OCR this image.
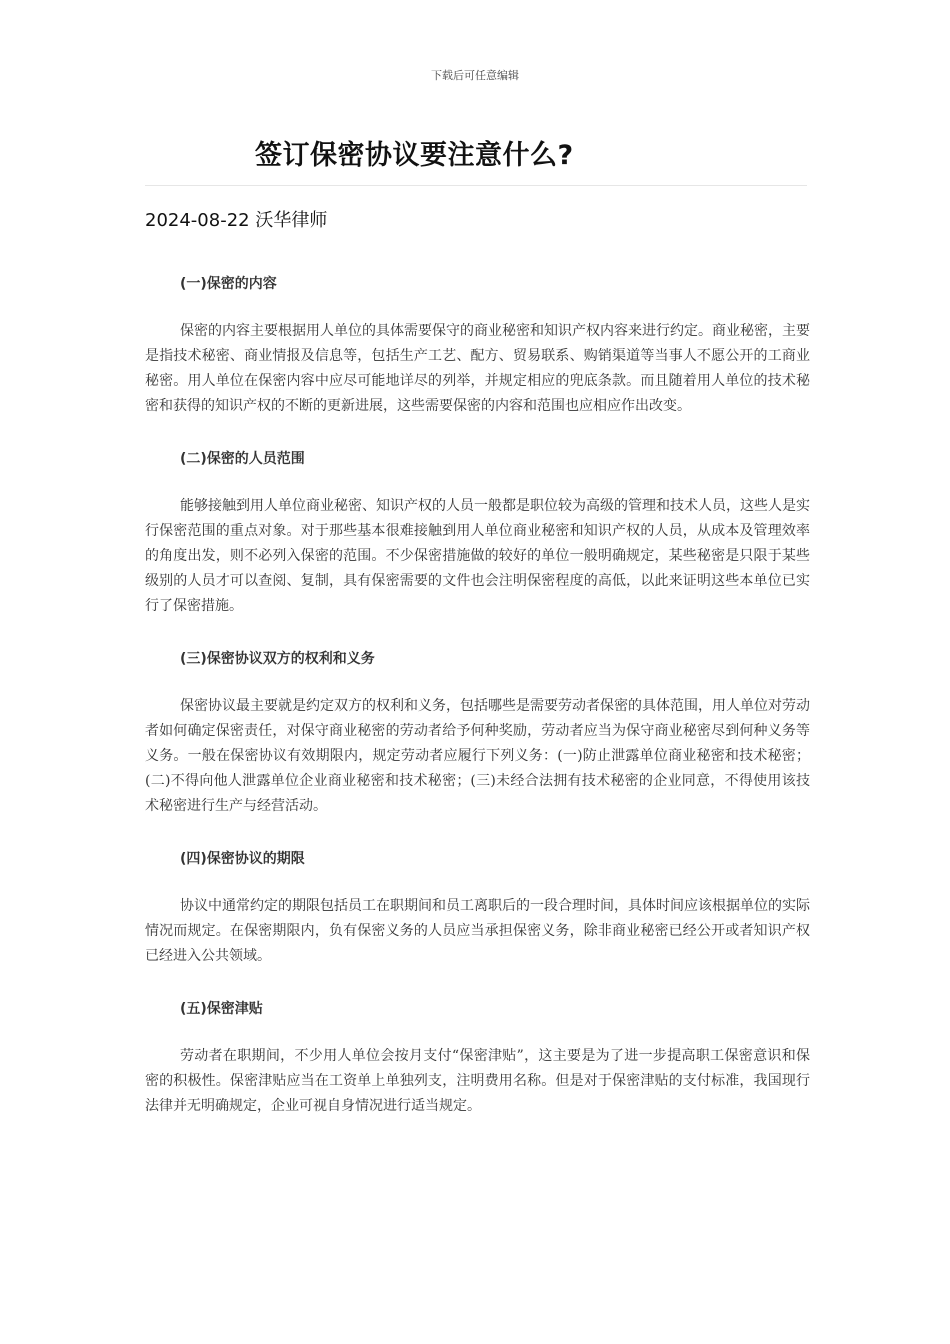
下载后可任意编辑
签订保密协议要注意什么?
2024-08-22 沃华律师

(一)保密的内容

保密的内容主要根据用人单位的具体需要保守的商业秘密和知识产权内容来进行约定。商业秘密，主要是指技术秘密、商业情报及信息等，包括生产工艺、配方、贸易联系、购销渠道等当事人不愿公开的工商业秘密。用人单位在保密内容中应尽可能地详尽的列举，并规定相应的兜底条款。而且随着用人单位的技术秘密和获得的知识产权的不断的更新进展，这些需要保密的内容和范围也应相应作出改变。

(二)保密的人员范围

能够接触到用人单位商业秘密、知识产权的人员一般都是职位较为高级的管理和技术人员，这些人是实行保密范围的重点对象。对于那些基本很难接触到用人单位商业秘密和知识产权的人员，从成本及管理效率的角度出发，则不必列入保密的范围。不少保密措施做的较好的单位一般明确规定，某些秘密是只限于某些级别的人员才可以查阅、复制，具有保密需要的文件也会注明保密程度的高低，以此来证明这些本单位已实行了保密措施。

(三)保密协议双方的权利和义务

保密协议最主要就是约定双方的权利和义务，包括哪些是需要劳动者保密的具体范围，用人单位对劳动者如何确定保密责任，对保守商业秘密的劳动者给予何种奖励，劳动者应当为保守商业秘密尽到何种义务等义务。一般在保密协议有效期限内，规定劳动者应履行下列义务：(一)防止泄露单位商业秘密和技术秘密；(二)不得向他人泄露单位企业商业秘密和技术秘密；(三)未经合法拥有技术秘密的企业同意，不得使用该技术秘密进行生产与经营活动。

(四)保密协议的期限

协议中通常约定的期限包括员工在职期间和员工离职后的一段合理时间，具体时间应该根据单位的实际情况而规定。在保密期限内，负有保密义务的人员应当承担保密义务，除非商业秘密已经公开或者知识产权已经进入公共领域。

(五)保密津贴

劳动者在职期间，不少用人单位会按月支付“保密津贴”，这主要是为了进一步提高职工保密意识和保密的积极性。保密津贴应当在工资单上单独列支，注明费用名称。但是对于保密津贴的支付标准，我国现行法律并无明确规定，企业可视自身情况进行适当规定。
